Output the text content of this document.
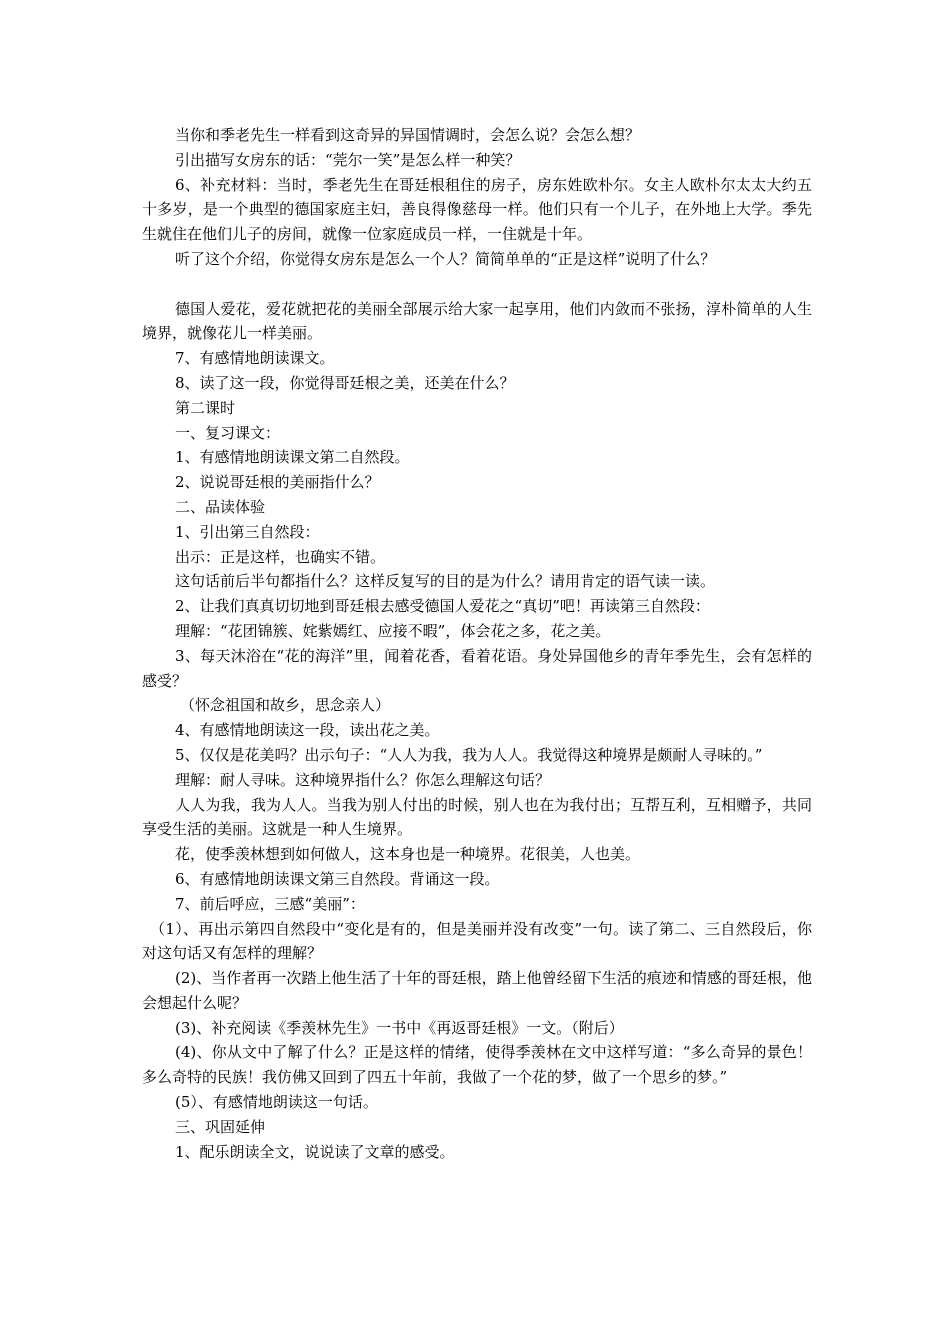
当你和季老先生一样看到这奇异的异国情调时，会怎么说？会怎么想？

引出描写女房东的话：“莞尔一笑”是怎么样一种笑？

6、补充材料：当时，季老先生在哥廷根租住的房子，房东姓欧朴尔。女主人欧朴尔太太大约五十多岁，是一个典型的德国家庭主妇，善良得像慈母一样。他们只有一个儿子，在外地上大学。季先生就住在他们儿子的房间，就像一位家庭成员一样，一住就是十年。

听了这个介绍，你觉得女房东是怎么一个人？简简单单的“正是这样”说明了什么？

德国人爱花，爱花就把花的美丽全部展示给大家一起享用，他们内敛而不张扬，淳朴简单的人生境界，就像花儿一样美丽。

7、有感情地朗读课文。

8、读了这一段，你觉得哥廷根之美，还美在什么？

第二课时

一、复习课文：

1、有感情地朗读课文第二自然段。

2、说说哥廷根的美丽指什么？

二、品读体验

1、引出第三自然段：

出示：正是这样，也确实不错。

这句话前后半句都指什么？这样反复写的目的是为什么？请用肯定的语气读一读。

2、让我们真真切切地到哥廷根去感受德国人爱花之“真切”吧！再读第三自然段：

理解：“花团锦簇、姹紫嫣红、应接不暇”，体会花之多，花之美。

3、每天沐浴在“花的海洋”里，闻着花香，看着花语。身处异国他乡的青年季先生，会有怎样的感受？

（怀念祖国和故乡，思念亲人）

4、有感情地朗读这一段，读出花之美。

5、仅仅是花美吗？出示句子：“人人为我，我为人人。我觉得这种境界是颇耐人寻味的。”

理解：耐人寻味。这种境界指什么？你怎么理解这句话？

人人为我，我为人人。当我为别人付出的时候，别人也在为我付出；互帮互利，互相赠予，共同享受生活的美丽。这就是一种人生境界。

花，使季羡林想到如何做人，这本身也是一种境界。花很美，人也美。

6、有感情地朗读课文第三自然段。背诵这一段。

7、前后呼应，三感“美丽”：

（1）、再出示第四自然段中“变化是有的，但是美丽并没有改变”一句。读了第二、三自然段后，你对这句话又有怎样的理解？

(2)、当作者再一次踏上他生活了十年的哥廷根，踏上他曾经留下生活的痕迹和情感的哥廷根，他会想起什么呢？

(3)、补充阅读《季羡林先生》一书中《再返哥廷根》一文。（附后）

(4)、你从文中了解了什么？正是这样的情绪，使得季羡林在文中这样写道：“多么奇异的景色！多么奇特的民族！我仿佛又回到了四五十年前，我做了一个花的梦，做了一个思乡的梦。”

(5）、有感情地朗读这一句话。

三、巩固延伸

1、配乐朗读全文，说说读了文章的感受。
